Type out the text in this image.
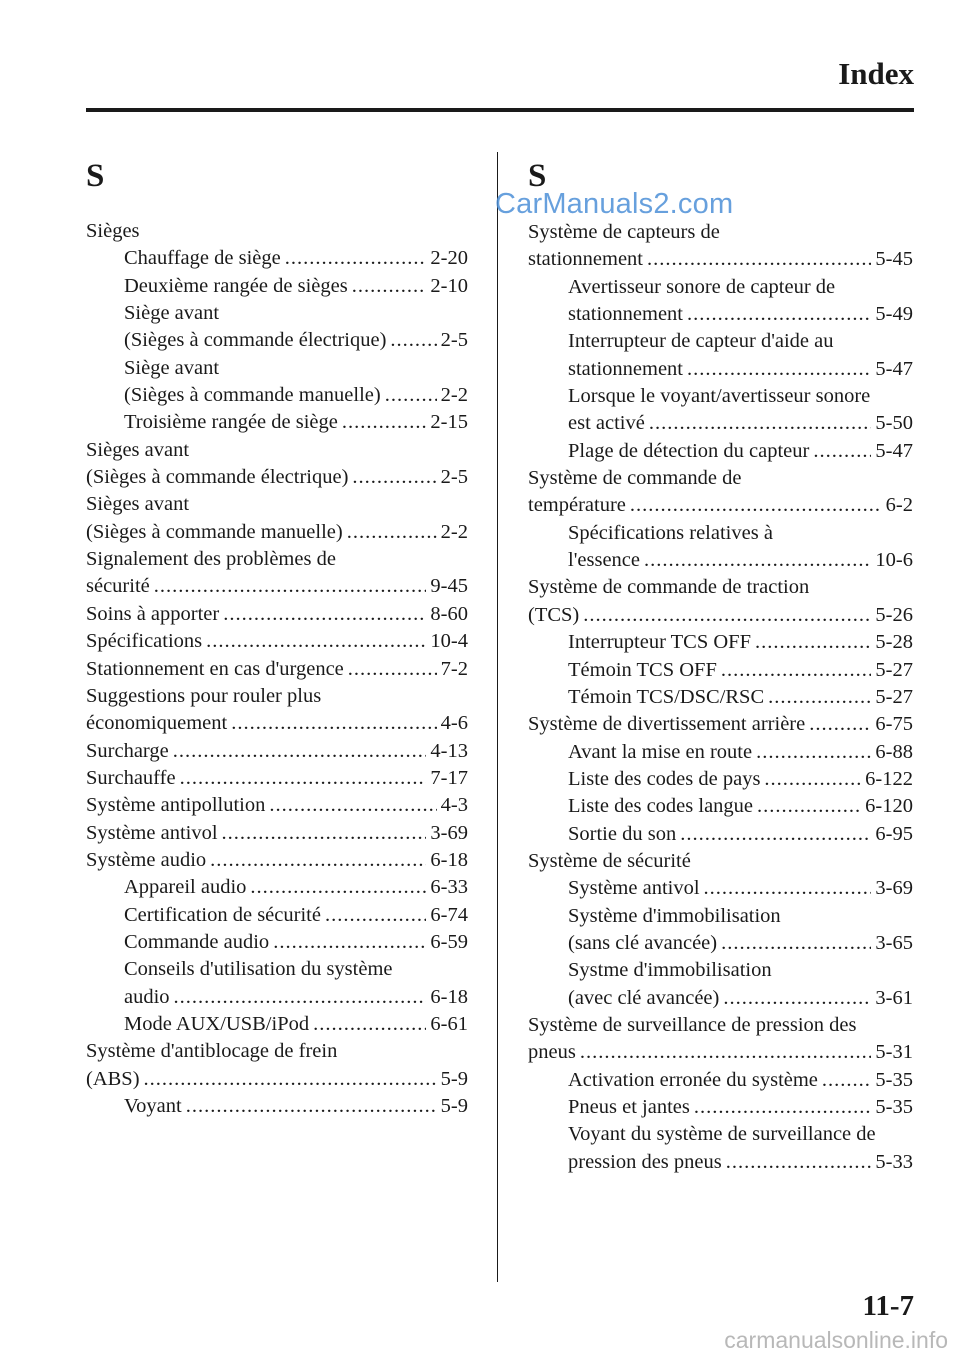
Index
S	S
Sièges
Chauffage de siège .....	2-20
Deuxième rangée de sièges .....	2-10
Siège avant
(Sièges à commande électrique) .....	2-5
Siège avant
(Sièges à commande manuelle) .....	2-2
Troisième rangée de siège .....	2-15
Sièges avant
(Sièges à commande électrique) .....	2-5
Sièges avant
(Sièges à commande manuelle) .....	2-2
Signalement des problèmes de
sécurité .....	9-45
Soins à apporter .....	8-60
Spécifications .....	10-4
Stationnement en cas d'urgence .....	7-2
Suggestions pour rouler plus
économiquement .....	4-6
Surcharge .....	4-13
Surchauffe .....	7-17
Système antipollution .....	4-3
Système antivol .....	3-69
Système audio .....	6-18
Appareil audio .....	6-33
Certification de sécurité .....	6-74
Commande audio .....	6-59
Conseils d'utilisation du système
audio .....	6-18
Mode AUX/USB/iPod .....	6-61
Système d'antiblocage de frein
(ABS) .....	5-9
Voyant .....	5-9
Système de capteurs de
stationnement .....	5-45
Avertisseur sonore de capteur de
stationnement .....	5-49
Interrupteur de capteur d'aide au
stationnement .....	5-47
Lorsque le voyant/avertisseur sonore
est activé .....	5-50
Plage de détection du capteur .....	5-47
Système de commande de
température .....	6-2
Spécifications relatives à
l'essence .....	10-6
Système de commande de traction
(TCS) .....	5-26
Interrupteur TCS OFF .....	5-28
Témoin TCS OFF .....	5-27
Témoin TCS/DSC/RSC .....	5-27
Système de divertissement arrière .....	6-75
Avant la mise en route .....	6-88
Liste des codes de pays .....	6-122
Liste des codes langue .....	6-120
Sortie du son .....	6-95
Système de sécurité
Système antivol .....	3-69
Système d'immobilisation
(sans clé avancée) .....	3-65
Systme d'immobilisation
(avec clé avancée) .....	3-61
Système de surveillance de pression des
pneus .....	5-31
Activation erronée du système .....	5-35
Pneus et jantes .....	5-35
Voyant du système de surveillance de
pression des pneus .....	5-33
CarManuals2.com
11-7
carmanualsonline.info
